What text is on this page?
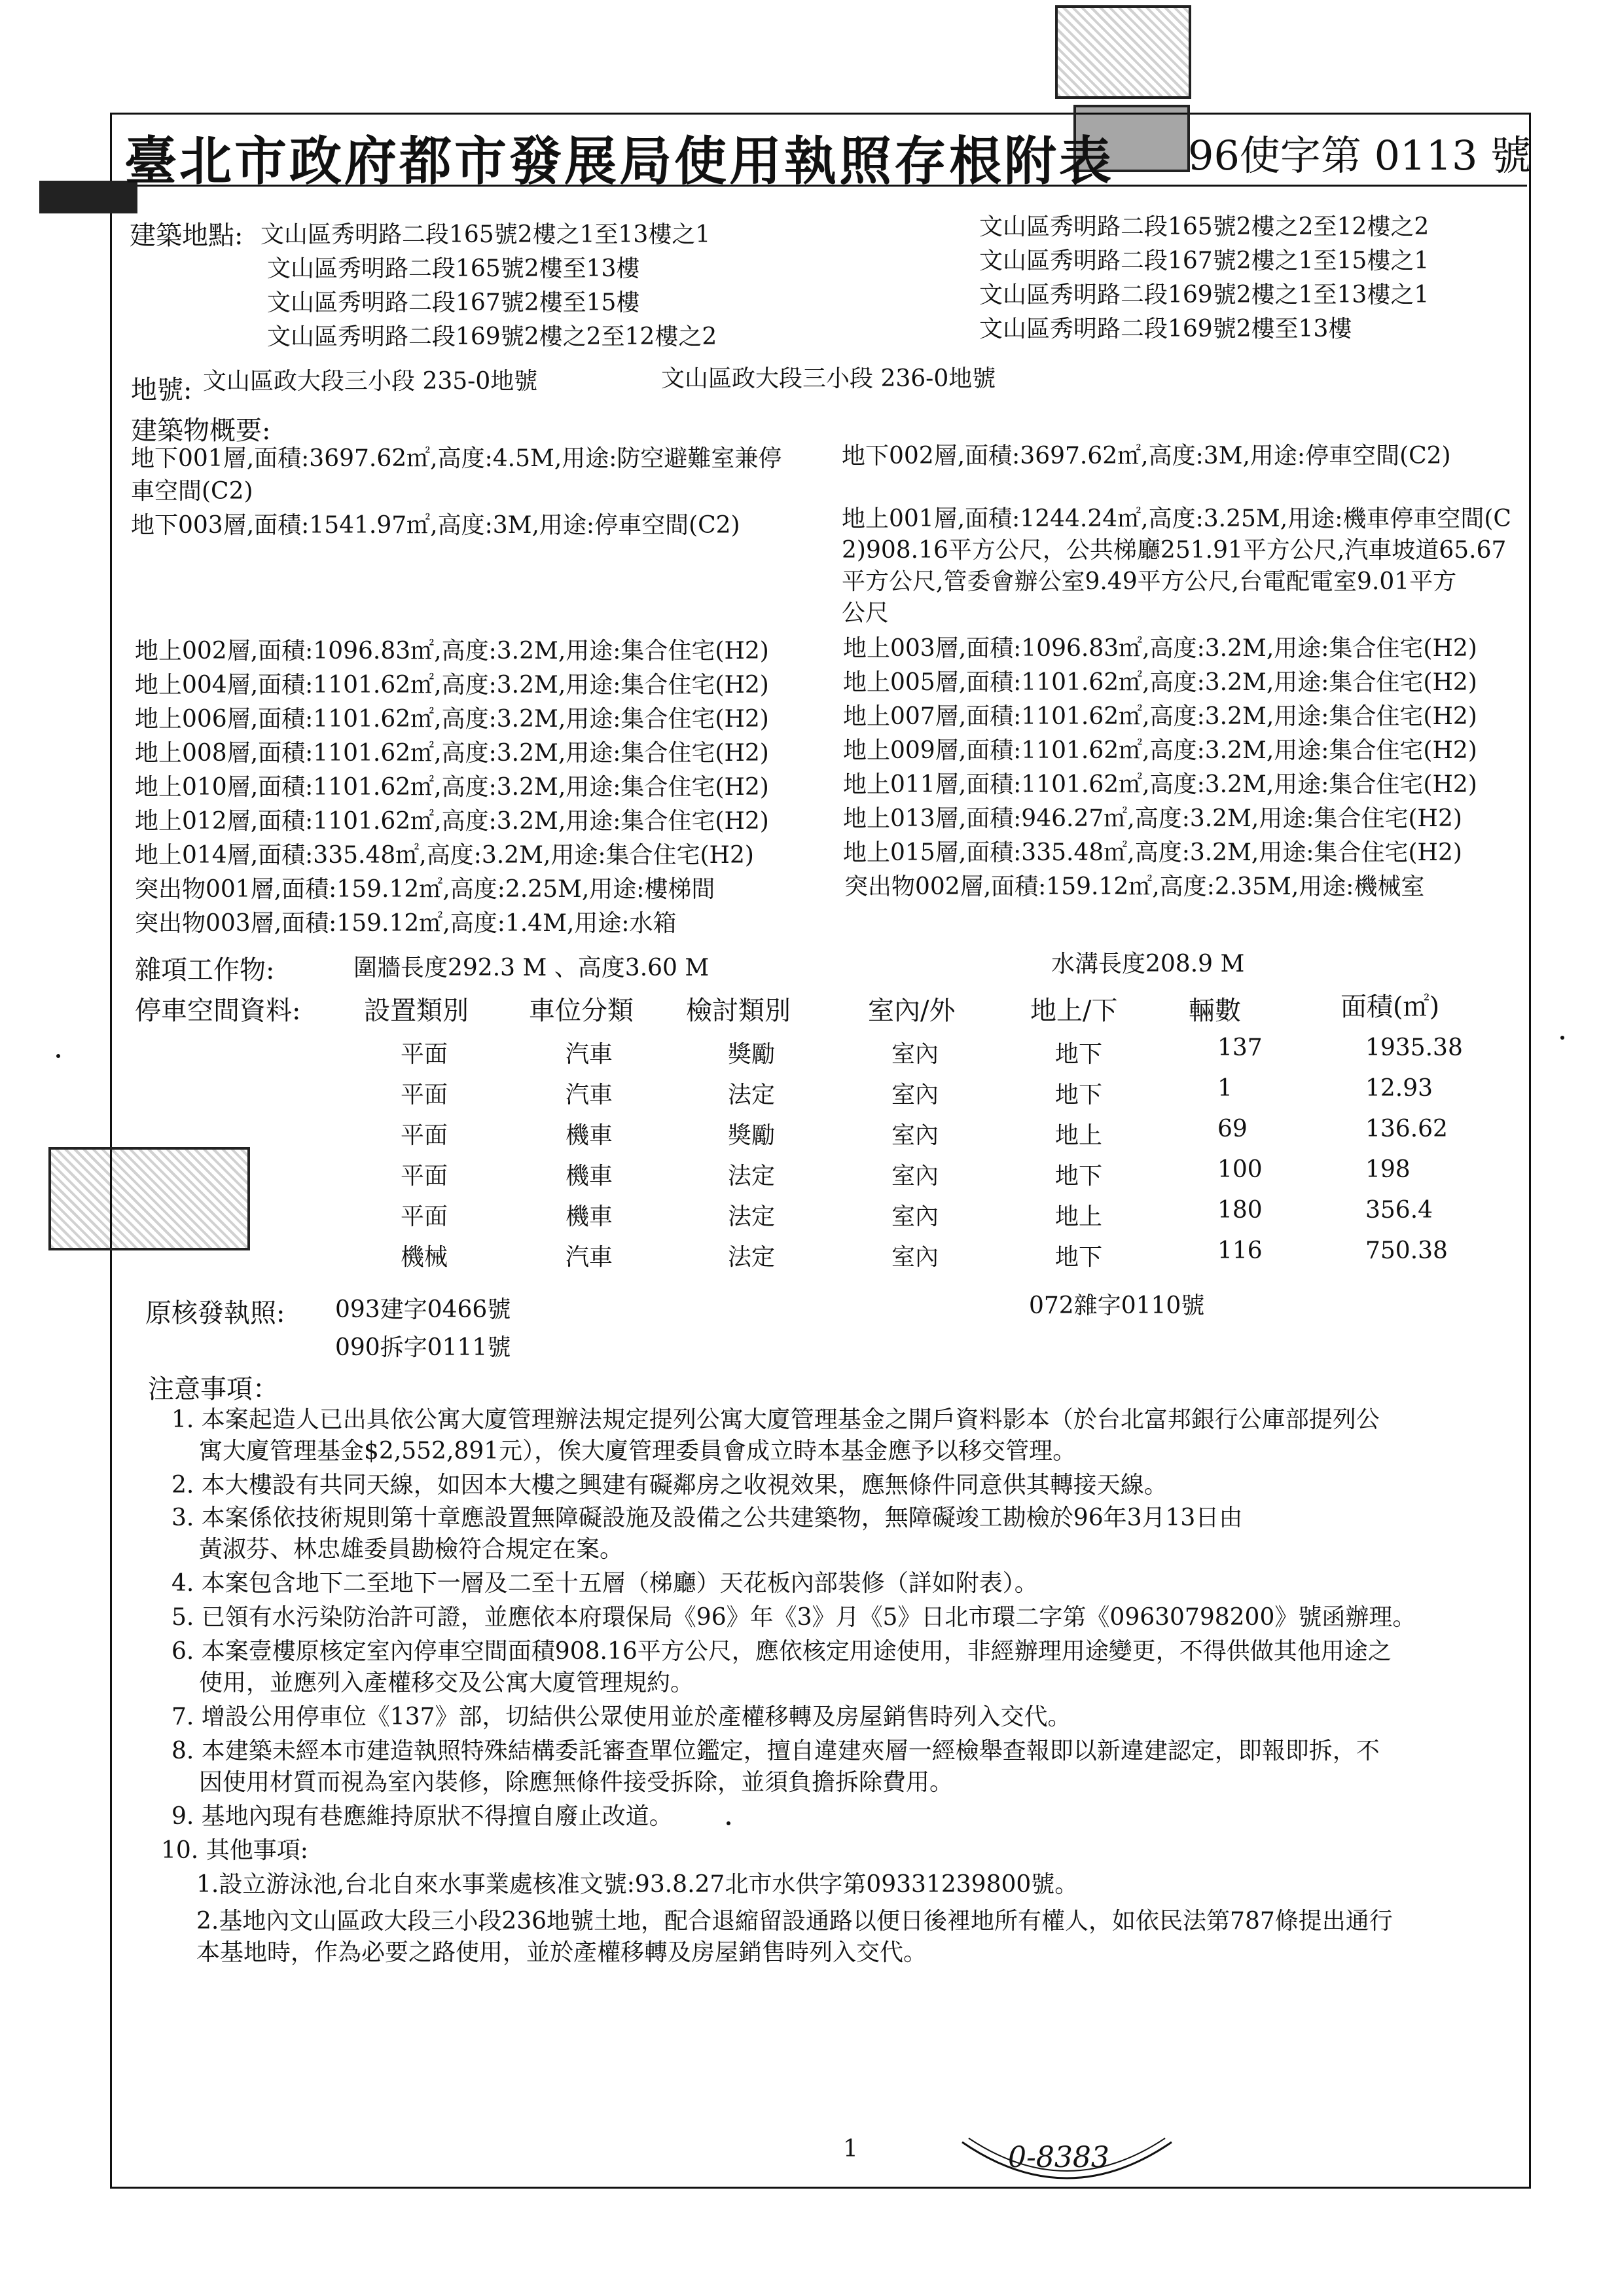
臺北市政府都市發展局使用執照存根附表 96使字第 0113 號
建築地點: 文山區秀明路二段165號2樓之1至13樓之1
文山區秀明路二段165號2樓至13樓
文山區秀明路二段167號2樓至15樓
文山區秀明路二段169號2樓之2至12樓之2
文山區秀明路二段165號2樓之2至12樓之2
文山區秀明路二段167號2樓之1至15樓之1
文山區秀明路二段169號2樓之1至13樓之1
文山區秀明路二段169號2樓至13樓
地號: 文山區政大段三小段 235-0地號	文山區政大段三小段 236-0地號
建築物概要:
地下001層,面積:3697.62㎡,高度:4.5M,用途:防空避難室兼停
車空間(C2)
地下002層,面積:3697.62㎡,高度:3M,用途:停車空間(C2)
地下003層,面積:1541.97㎡,高度:3M,用途:停車空間(C2)	地上001層,面積:1244.24㎡,高度:3.25M,用途:機車停車空間(C
2)908.16平方公尺，公共梯廳251.91平方公尺,汽車坡道65.67
平方公尺,管委會辦公室9.49平方公尺,台電配電室9.01平方
公尺
地上002層,面積:1096.83㎡,高度:3.2M,用途:集合住宅(H2)	地上003層,面積:1096.83㎡,高度:3.2M,用途:集合住宅(H2)
地上004層,面積:1101.62㎡,高度:3.2M,用途:集合住宅(H2)	地上005層,面積:1101.62㎡,高度:3.2M,用途:集合住宅(H2)
地上006層,面積:1101.62㎡,高度:3.2M,用途:集合住宅(H2)	地上007層,面積:1101.62㎡,高度:3.2M,用途:集合住宅(H2)
地上008層,面積:1101.62㎡,高度:3.2M,用途:集合住宅(H2)	地上009層,面積:1101.62㎡,高度:3.2M,用途:集合住宅(H2)
地上010層,面積:1101.62㎡,高度:3.2M,用途:集合住宅(H2)	地上011層,面積:1101.62㎡,高度:3.2M,用途:集合住宅(H2)
地上012層,面積:1101.62㎡,高度:3.2M,用途:集合住宅(H2)	地上013層,面積:946.27㎡,高度:3.2M,用途:集合住宅(H2)
地上014層,面積:335.48㎡,高度:3.2M,用途:集合住宅(H2)	地上015層,面積:335.48㎡,高度:3.2M,用途:集合住宅(H2)
突出物001層,面積:159.12㎡,高度:2.25M,用途:樓梯間	突出物002層,面積:159.12㎡,高度:2.35M,用途:機械室
突出物003層,面積:159.12㎡,高度:1.4M,用途:水箱
雜項工作物:	圍牆長度292.3 M 、高度3.60 M	水溝長度208.9 M
停車空間資料: 設置類別 車位分類 檢討類別	室內/外	地上/下	輛數	面積(㎡)
平面	汽車	獎勵	室內	地下	137	1935.38
平面	汽車	法定	室內	地下	1	12.93
平面	機車	獎勵	室內	地上	69	136.62
平面	機車	法定	室內	地下	100	198
平面	機車	法定	室內	地上	180	356.4
機械	汽車	法定	室內	地下	116	750.38
原核發執照: 093建字0466號	072雜字0110號
090拆字0111號
注意事項：
1. 本案起造人已出具依公寓大廈管理辦法規定提列公寓大廈管理基金之開戶資料影本（於台北富邦銀行公庫部提列公
寓大廈管理基金$2,552,891元），俟大廈管理委員會成立時本基金應予以移交管理。
2. 本大樓設有共同天線，如因本大樓之興建有礙鄰房之收視效果，應無條件同意供其轉接天線。
3. 本案係依技術規則第十章應設置無障礙設施及設備之公共建築物，無障礙竣工勘檢於96年3月13日由
黃淑芬、林忠雄委員勘檢符合規定在案。
4. 本案包含地下二至地下一層及二至十五層（梯廳）天花板內部裝修（詳如附表）。
5. 已領有水污染防治許可證，並應依本府環保局《96》年《3》月《5》日北市環二字第《09630798200》號函辦理。
6. 本案壹樓原核定室內停車空間面積908.16平方公尺，應依核定用途使用，非經辦理用途變更，不得供做其他用途之
使用，並應列入產權移交及公寓大廈管理規約。
7. 增設公用停車位《137》部，切結供公眾使用並於產權移轉及房屋銷售時列入交代。
8. 本建築未經本市建造執照特殊結構委託審查單位鑑定，擅自違建夾層一經檢舉查報即以新違建認定，即報即拆，不
因使用材質而視為室內裝修，除應無條件接受拆除，並須負擔拆除費用。
9. 基地內現有巷應維持原狀不得擅自廢止改道。
10. 其他事項:
1.設立游泳池,台北自來水事業處核准文號:93.8.27北市水供字第09331239800號。
2.基地內文山區政大段三小段236地號土地，配合退縮留設通路以便日後裡地所有權人，如依民法第787條提出通行
本基地時，作為必要之路使用，並於產權移轉及房屋銷售時列入交代。
1	0-8383
